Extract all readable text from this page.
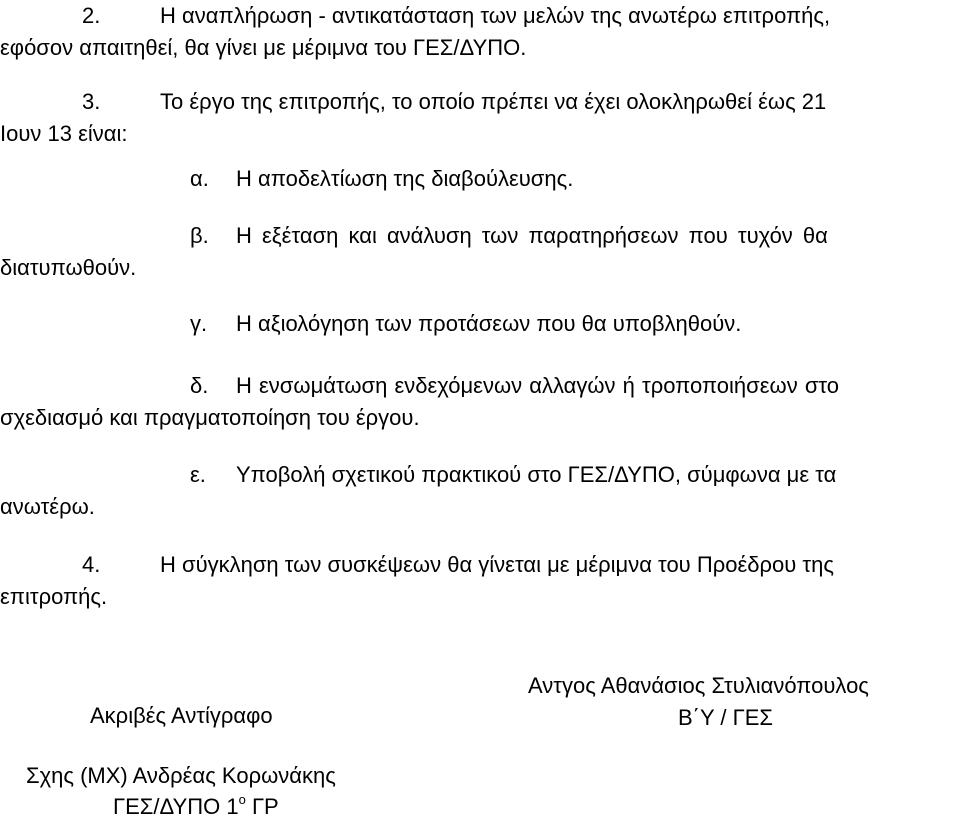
2.	Η αναπλήρωση - αντικατάσταση των μελών της ανωτέρω επιτροπής,
εφόσον απαιτηθεί, θα γίνει με μέριμνα του ΓΕΣ/ΔΥΠΟ.
3.	Το έργο της επιτροπής, το οποίο πρέπει να έχει ολοκληρωθεί έως 21
Ιουν 13 είναι:
α. Η αποδελτίωση της διαβούλευσης.
β. Η εξέταση και ανάλυση των παρατηρήσεων που τυχόν θα
διατυπωθούν.
γ. Η αξιολόγηση των προτάσεων που θα υποβληθούν.
δ. Η ενσωμάτωση ενδεχόμενων αλλαγών ή τροποποιήσεων στο
σχεδιασμό και πραγματοποίηση του έργου.
ε. Υποβολή σχετικού πρακτικού στο ΓΕΣ/ΔΥΠΟ, σύμφωνα με τα
ανωτέρω.
4.	Η σύγκληση των συσκέψεων θα γίνεται με μέριμνα του Προέδρου της
επιτροπής.
Ακριβές Αντίγραφο
Αντγος Αθανάσιος Στυλιανόπουλος
Β΄Υ / ΓΕΣ
Σχης (ΜΧ) Ανδρέας Κορωνάκης
ΓΕΣ/ΔΥΠΟ $1^o$ ΓΡ
